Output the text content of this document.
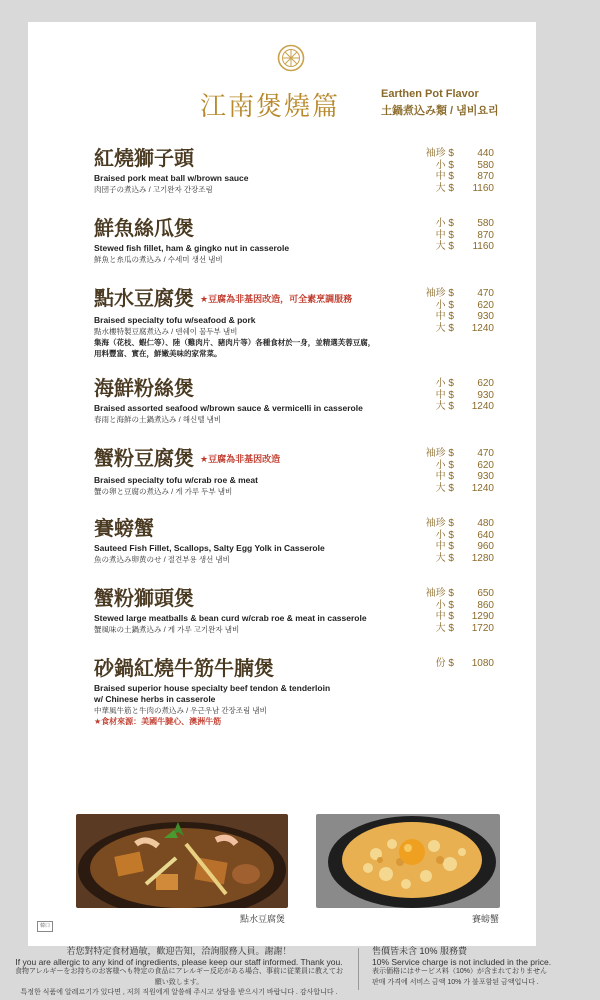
江南煲燒篇	Earthen Pot Flavor
土鍋煮込み類 / 냄비요리
紅燒獅子頭
Braised pork meat ball w/brown sauce
肉団子の煮込み / 고기완자 간장조림
袖珍 $	440
小 $	580
中 $	870
大 $	1160
鮮魚絲瓜煲
Stewed fish fillet, ham & gingko nut in casserole
鮮魚と糸瓜の煮込み / 수세미 생선 냄비
小 $	580
中 $	870
大 $	1160
點水豆腐煲 ★豆腐為非基因改造，可全素烹調服務
Braised specialty tofu w/seafood & pork
點水樓特製豆腐煮込み / 덴쉐이 물두부 냄비
集海（花枝、蝦仁等）、陸（雞肉片、豬肉片等）各種食材於一身，並精選芙蓉豆腐，
用料豐富、實在，鮮嫩美味的家常菜。
袖珍 $	470
小 $	620
中 $	930
大 $	1240
海鮮粉絲煲
Braised assorted seafood w/brown sauce & vermicelli in casserole
春雨と海鮮の土鍋煮込み / 해신뗄 냄비
小 $	620
中 $	930
大 $	1240
蟹粉豆腐煲 ★豆腐為非基因改造
Braised specialty tofu w/crab roe & meat
蟹の卵と豆腐の煮込み / 게 가루 두부 냄비
袖珍 $	470
小 $	620
中 $	930
大 $	1240
賽螃蟹
Sauteed Fish Fillet, Scallops, Salty Egg Yolk in Casserole
魚の煮込み卵黄のせ / 절견부용 생선 냄비
袖珍 $	480
小 $	640
中 $	960
大 $	1280
蟹粉獅頭煲
Stewed large meatballs & bean curd w/crab roe & meat in casserole
蟹風味の土鍋煮込み / 게 가루 고기완자 냄비
袖珍 $	650
小 $	860
中 $	1290
大 $	1720
砂鍋紅燒牛筋牛腩煲
Braised superior house specialty beef tendon & tenderloin
w/ Chinese herbs in casserole
中華風牛筋と牛肉の煮込み / 우근우남 간장조림 냄비
★食材來源：美國牛腱心、澳洲牛筋
份 $	1080
點水豆腐煲	賽螃蟹
韓口
若您對特定食材過敏，歡迎告知，洽詢服務人員。謝謝！
If you are allergic to any kind of ingredients, please keep our staff informed. Thank you.
食物アレルギーをお持ちのお客様へも特定の食品にアレルギー反応がある場合、事前に従業員に教えてお願い致します。
특정한 식품에 알레르기가 있다면 , 저희 직원에게 알씀해 주시고 상담을 받으시기 바랍니다 . 감사합니다 .
售價皆未含 10% 服務費
10% Service charge is not included in the price.
表示価格にはサービス料（10%）が含まれておりません
판매 가격에 서비스 금액 10% 가 불포함된 금액입니다 .
